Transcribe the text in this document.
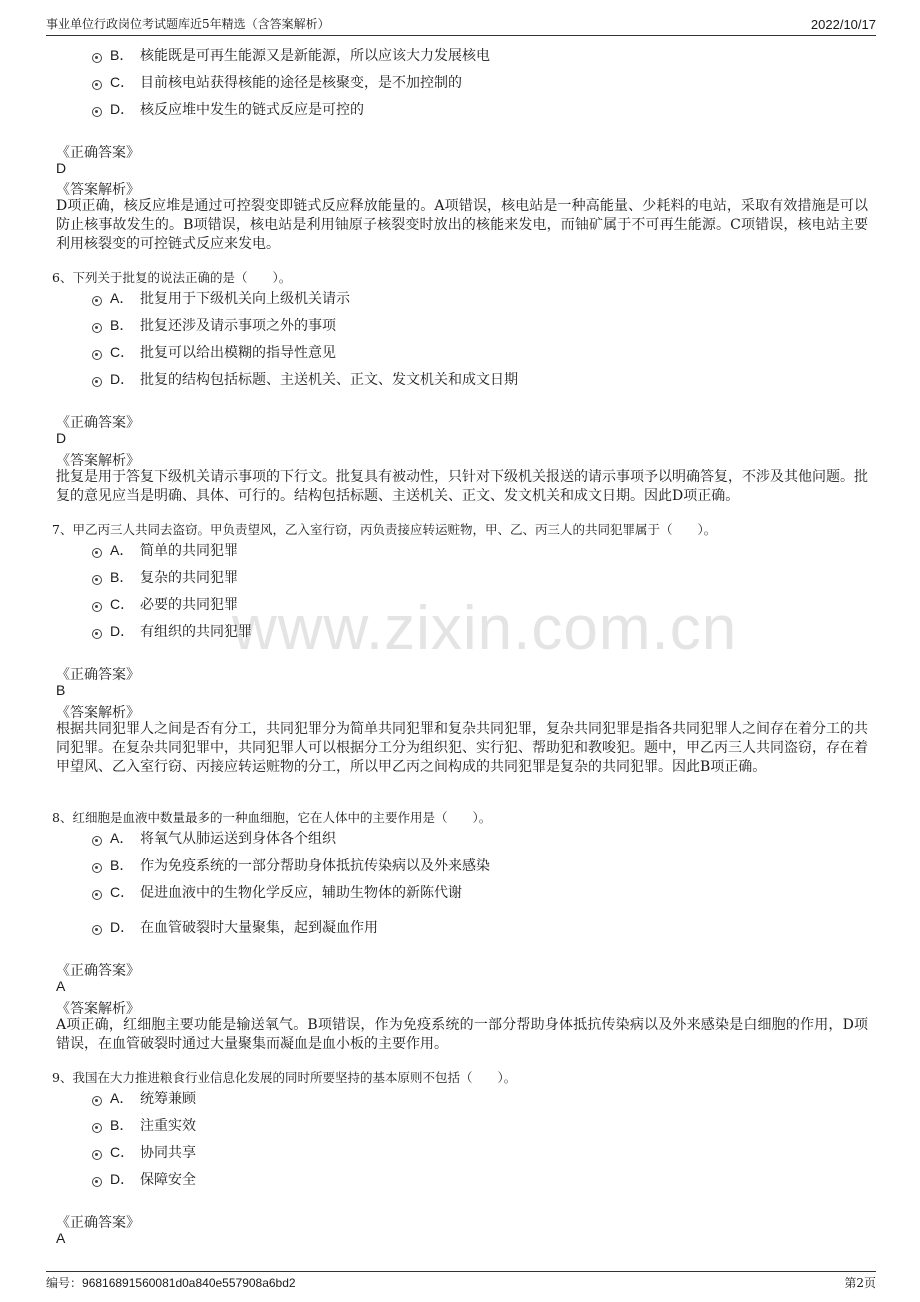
事业单位行政岗位考试题库近5年精选（含答案解析）	2022/10/17
www.zixin.com.cn
B． 核能既是可再生能源又是新能源，所以应该大力发展核电
C． 目前核电站获得核能的途径是核聚变，是不加控制的
D． 核反应堆中发生的链式反应是可控的
《正确答案》
D
《答案解析》
D项正确，核反应堆是通过可控裂变即链式反应释放能量的。A项错误，核电站是一种高能量、少耗料的电站，采取有效措施是可以防止核事故发生的。B项错误，核电站是利用铀原子核裂变时放出的核能来发电，而铀矿属于不可再生能源。C项错误，核电站主要利用核裂变的可控链式反应来发电。
6、下列关于批复的说法正确的是（　　）。
A． 批复用于下级机关向上级机关请示
B． 批复还涉及请示事项之外的事项
C． 批复可以给出模糊的指导性意见
D． 批复的结构包括标题、主送机关、正文、发文机关和成文日期
《正确答案》
D
《答案解析》
批复是用于答复下级机关请示事项的下行文。批复具有被动性，只针对下级机关报送的请示事项予以明确答复，不涉及其他问题。批复的意见应当是明确、具体、可行的。结构包括标题、主送机关、正文、发文机关和成文日期。因此D项正确。
7、甲乙丙三人共同去盗窃。甲负责望风，乙入室行窃，丙负责接应转运赃物，甲、乙、丙三人的共同犯罪属于（　　）。
A． 简单的共同犯罪
B． 复杂的共同犯罪
C． 必要的共同犯罪
D． 有组织的共同犯罪
《正确答案》
B
《答案解析》
根据共同犯罪人之间是否有分工，共同犯罪分为简单共同犯罪和复杂共同犯罪，复杂共同犯罪是指各共同犯罪人之间存在着分工的共同犯罪。在复杂共同犯罪中，共同犯罪人可以根据分工分为组织犯、实行犯、帮助犯和教唆犯。题中，甲乙丙三人共同盗窃，存在着甲望风、乙入室行窃、丙接应转运赃物的分工，所以甲乙丙之间构成的共同犯罪是复杂的共同犯罪。因此B项正确。
8、红细胞是血液中数量最多的一种血细胞，它在人体中的主要作用是（　　）。
A． 将氧气从肺运送到身体各个组织
B． 作为免疫系统的一部分帮助身体抵抗传染病以及外来感染
C． 促进血液中的生物化学反应，辅助生物体的新陈代谢
D． 在血管破裂时大量聚集，起到凝血作用
《正确答案》
A
《答案解析》
A项正确，红细胞主要功能是输送氧气。B项错误，作为免疫系统的一部分帮助身体抵抗传染病以及外来感染是白细胞的作用，D项错误，在血管破裂时通过大量聚集而凝血是血小板的主要作用。
9、我国在大力推进粮食行业信息化发展的同时所要坚持的基本原则不包括（　　）。
A． 统筹兼顾
B． 注重实效
C． 协同共享
D． 保障安全
《正确答案》
A
编号：96816891560081d0a840e557908a6bd2	第2页
